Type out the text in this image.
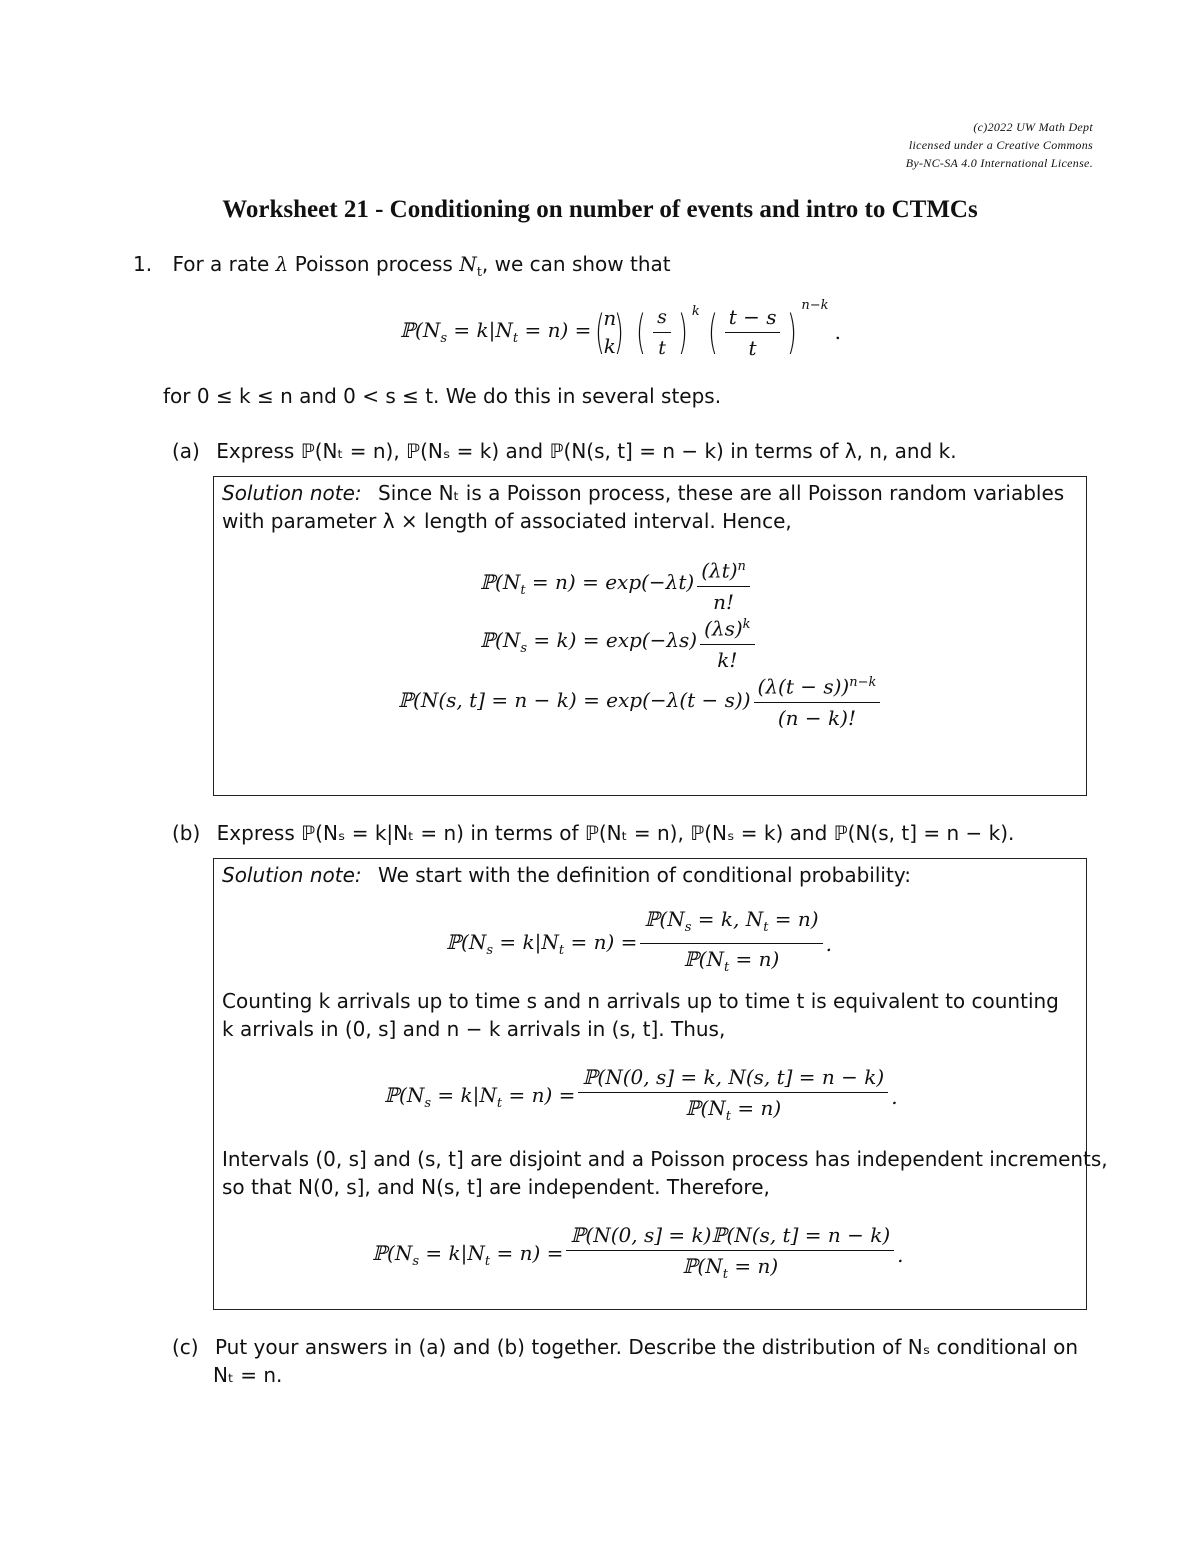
(c)2022 UW Math Dept
licensed under a Creative Commons
By-NC-SA 4.0 International License.
Worksheet 21 - Conditioning on number of events and intro to CTMCs
1. For a rate λ Poisson process $N_t$, we can show that
$ℙ(N_s = k|N_t = n)$ = (
n
k
) ( $\frac{s}{t}$ ) $^k$ ( $\frac{t - s}{t}$ ) $^{n-k}$
.
for 0 ≤ k ≤ n and 0 < s ≤ t. We do this in several steps.
(a) Express ℙ(Nₜ = n), ℙ(Nₛ = k) and ℙ(N(s, t] = n − k) in terms of λ, n, and k.
Solution note: Since Nₜ is a Poisson process, these are all Poisson random variables
with parameter λ × length of associated interval. Hence,
$ℙ(N_t = n) = \exp(-\lambda t) \frac{(\lambda t)^n}{n!}$
$ℙ(N_s = k) = \exp(-\lambda s) \frac{(\lambda s)^k}{k!}$
ℙ(N(s, $t] = n - k) = \exp(-\lambda(t - s)) \frac{(\lambda(t - s))^{n-k}}{(n - k)!}$
(b) Express ℙ(Nₛ = k|Nₜ = n) in terms of ℙ(Nₜ = n), ℙ(Nₛ = k) and ℙ(N(s, t] = n − k).
Solution note: We start with the definition of conditional probability:
$ℙ(N_s = k|N_t = n) = \frac{ℙ(N_s = k, N_t = n)}{ℙ(N_t = n)}$ .
Counting k arrivals up to time s and n arrivals up to time t is equivalent to counting
k arrivals in (0, s] and n − k arrivals in (s, t]. Thus,
$ℙ(N_s = k|N_t = n) = \frac{\text{ℙ(N(0, s] = k, N(s, t] = n − k)}}{ℙ(N_t = n)}$ .
Intervals (0, s] and (s, t] are disjoint and a Poisson process has independent increments,
so that N(0, s], and N(s, t] are independent. Therefore,
$ℙ(N_s = k|N_t = n) = \frac{\text{ℙ(N(0, s] = k)ℙ(N(s, t] = n − k)}}{ℙ(N_t = n)}$ .
(c) Put your answers in (a) and (b) together. Describe the distribution of Nₛ conditional on
Nₜ = n.
